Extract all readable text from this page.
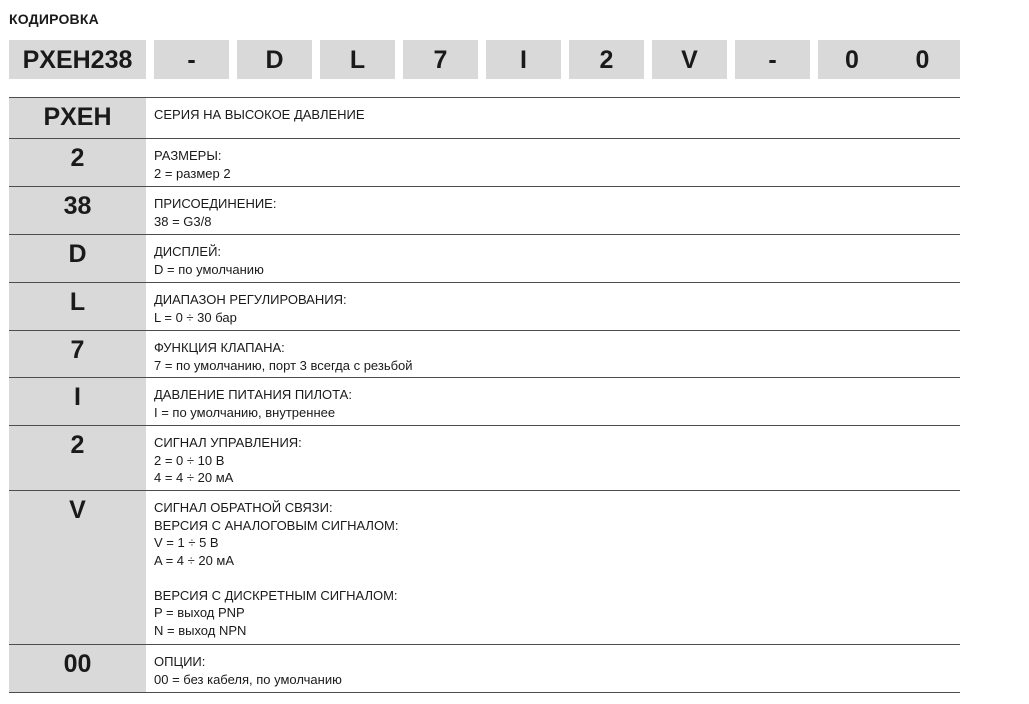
КОДИРОВКА
PXEH238	-	D	L	7	I	2	V	-	0	0
PXEH	СЕРИЯ НА ВЫСОКОЕ ДАВЛЕНИЕ
2	РАЗМЕРЫ:
2 = размер 2
38	ПРИСОЕДИНЕНИЕ:
38 = G3/8
D	ДИСПЛЕЙ:
D = по умолчанию
L	ДИАПАЗОН РЕГУЛИРОВАНИЯ:
L = 0 ÷ 30 бар
7	ФУНКЦИЯ КЛАПАНА:
7 = по умолчанию, порт 3 всегда с резьбой
I	ДАВЛЕНИЕ ПИТАНИЯ ПИЛОТА:
I = по умолчанию, внутреннее
2	СИГНАЛ УПРАВЛЕНИЯ:
2 = 0 ÷ 10 В
4 = 4 ÷ 20 мА
V	СИГНАЛ ОБРАТНОЙ СВЯЗИ:
ВЕРСИЯ С АНАЛОГОВЫМ СИГНАЛОМ:
V = 1 ÷ 5 В
A = 4 ÷ 20 мА
ВЕРСИЯ С ДИСКРЕТНЫМ СИГНАЛОМ:
P = выход PNP
N = выход NPN
00	ОПЦИИ:
00 = без кабеля, по умолчанию
